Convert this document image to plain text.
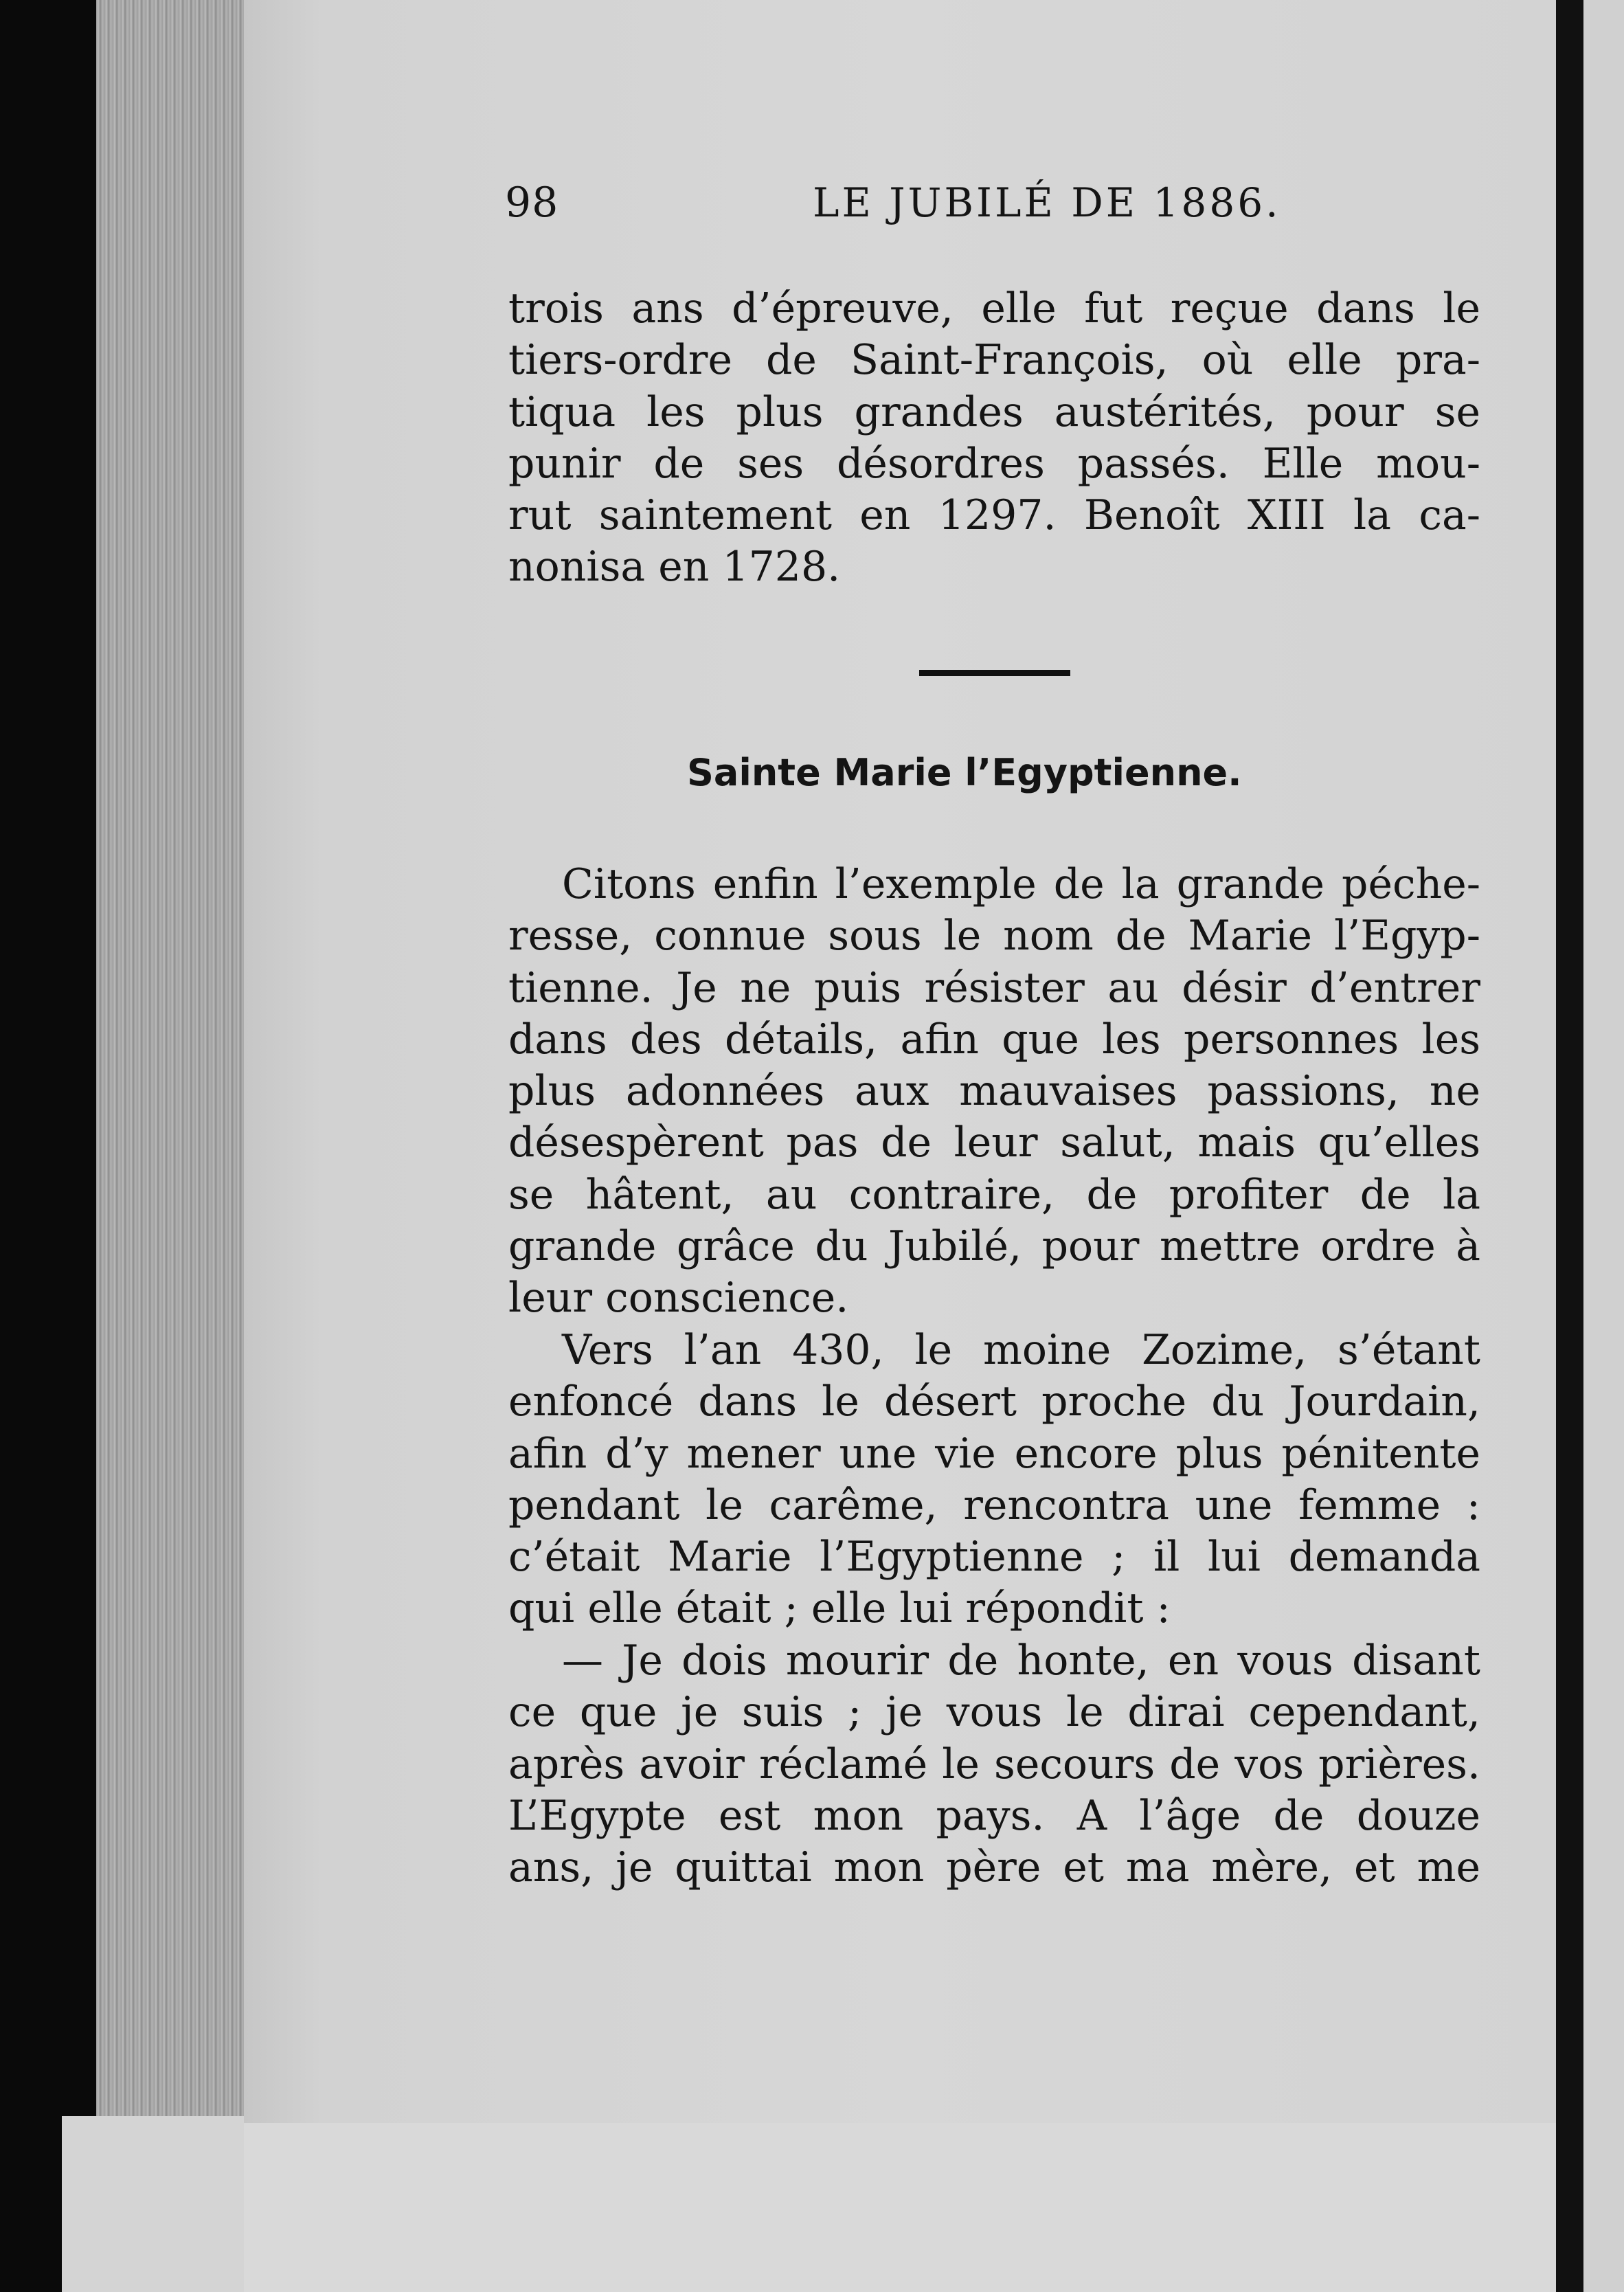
98	LE JUBILÉ DE 1886.
trois ans d’épreuve, elle fut reçue dans le
tiers-ordre de Saint-François, où elle pra-
tiqua les plus grandes austérités, pour se
punir de ses désordres passés. Elle mou-
rut saintement en 1297. Benoît XIII la ca-
nonisa en 1728.
Sainte Marie l’Egyptienne.
Citons enfin l’exemple de la grande péche-
resse, connue sous le nom de Marie l’Egyp-
tienne. Je ne puis résister au désir d’entrer
dans des détails, afin que les personnes les
plus adonnées aux mauvaises passions, ne
désespèrent pas de leur salut, mais qu’elles
se hâtent, au contraire, de profiter de la
grande grâce du Jubilé, pour mettre ordre à
leur conscience.
Vers l’an 430, le moine Zozime, s’étant
enfoncé dans le désert proche du Jourdain,
afin d’y mener une vie encore plus pénitente
pendant le carême, rencontra une femme :
c’était Marie l’Egyptienne ; il lui demanda
qui elle était ; elle lui répondit :
— Je dois mourir de honte, en vous disant
ce que je suis ; je vous le dirai cependant,
après avoir réclamé le secours de vos prières.
L’Egypte est mon pays. A l’âge de douze
ans, je quittai mon père et ma mère, et me
